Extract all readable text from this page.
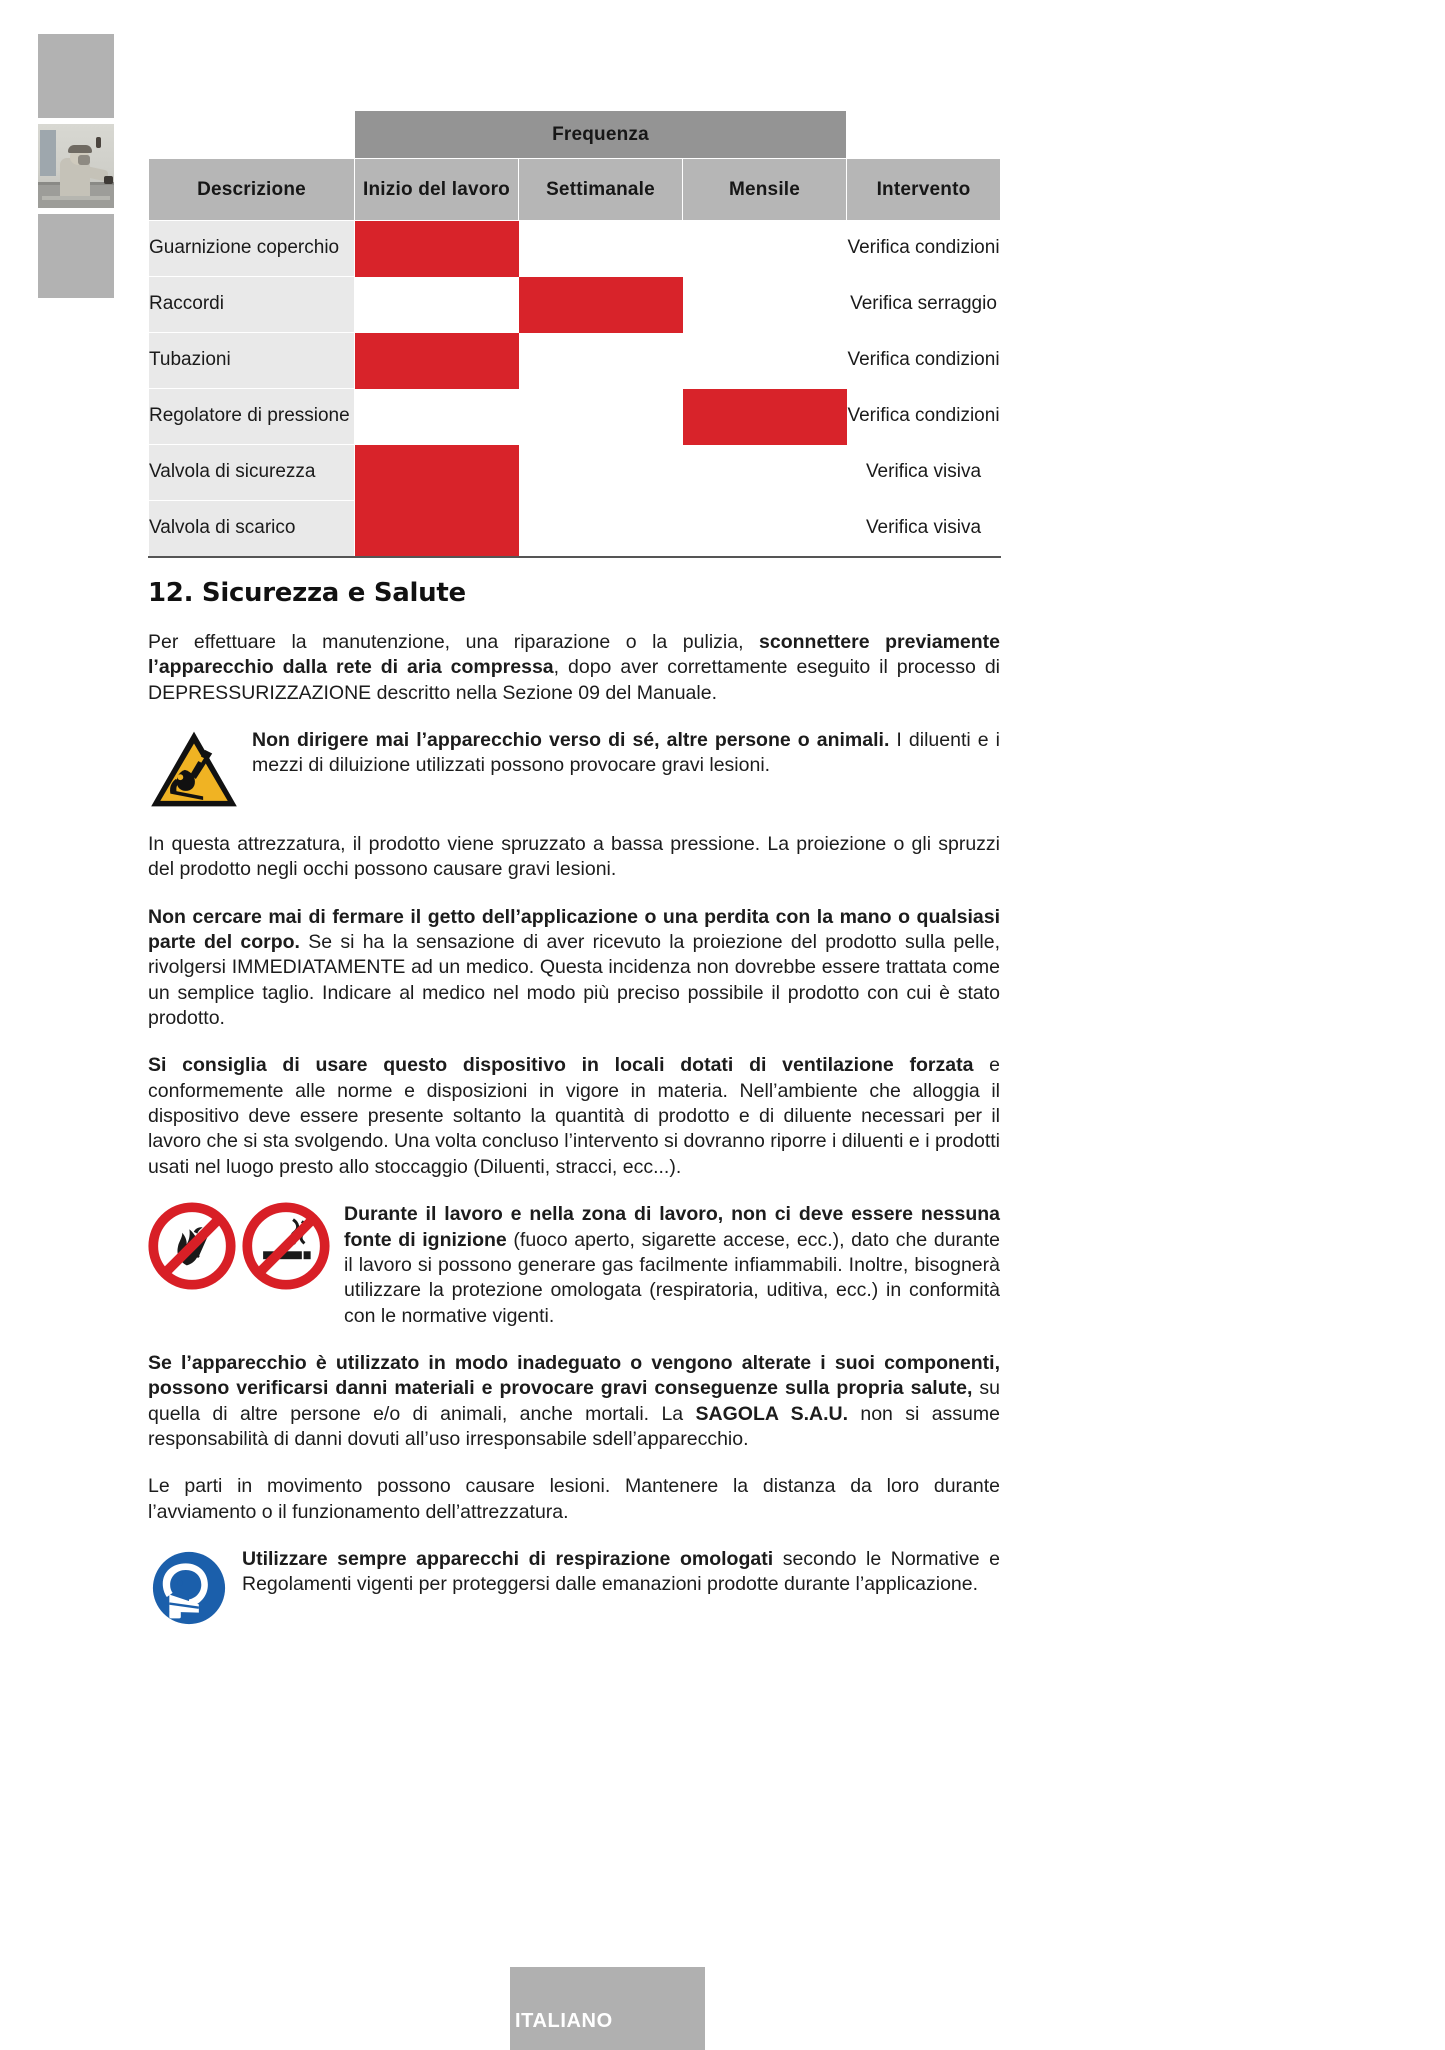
	Frequenza			
Descrizione	Inizio del lavoro	Settimanale	Mensile	Intervento
Guarnizione coperchio				Verifica condizioni
Raccordi				Verifica serraggio
Tubazioni				Verifica condizioni
Regolatore di pressione				Verifica condizioni
Valvola di sicurezza				Verifica visiva
Valvola di scarico				Verifica visiva
12. Sicurezza e Salute

Per effettuare la manutenzione, una riparazione o la pulizia, sconnettere previamente l’apparecchio dalla rete di aria compressa, dopo aver correttamente eseguito il processo di DEPRESSURIZZAZIONE descritto nella Sezione 09 del Manuale.

Non dirigere mai l’apparecchio verso di sé, altre persone o animali. I diluenti e i mezzi di diluizione utilizzati possono provocare gravi lesioni.

In questa attrezzatura, il prodotto viene spruzzato a bassa pressione. La proiezione o gli spruzzi del prodotto negli occhi possono causare gravi lesioni.

Non cercare mai di fermare il getto dell’applicazione o una perdita con la mano o qualsiasi parte del corpo. Se si ha la sensazione di aver ricevuto la proiezione del prodotto sulla pelle, rivolgersi IMMEDIATAMENTE ad un medico. Questa incidenza non dovrebbe essere trattata come un semplice taglio. Indicare al medico nel modo più preciso possibile il prodotto con cui è stato prodotto.

Si consiglia di usare questo dispositivo in locali dotati di ventilazione forzata e conformemente alle norme e disposizioni in vigore in materia. Nell’ambiente che alloggia il dispositivo deve essere presente soltanto la quantità di prodotto e di diluente necessari per il lavoro che si sta svolgendo. Una volta concluso l’intervento si dovranno riporre i diluenti e i prodotti usati nel luogo presto allo stoccaggio (Diluenti, stracci, ecc...).

Durante il lavoro e nella zona di lavoro, non ci deve essere nessuna fonte di ignizione (fuoco aperto, sigarette accese, ecc.), dato che durante il lavoro si possono generare gas facilmente infiammabili. Inoltre, bisognerà utilizzare la protezione omologata (respiratoria, uditiva, ecc.) in conformità con le normative vigenti.

Se l’apparecchio è utilizzato in modo inadeguato o vengono alterate i suoi componenti, possono verificarsi danni materiali e provocare gravi conseguenze sulla propria salute, su quella di altre persone e/o di animali, anche mortali. La SAGOLA S.A.U. non si assume responsabilità di danni dovuti all’uso irresponsabile sdell’apparecchio.

Le parti in movimento possono causare lesioni. Mantenere la distanza da loro durante l’avviamento o il funzionamento dell’attrezzatura.

Utilizzare sempre apparecchi di respirazione omologati secondo le Normative e Regolamenti vigenti per proteggersi dalle emanazioni prodotte durante l’applicazione.
ITALIANO
